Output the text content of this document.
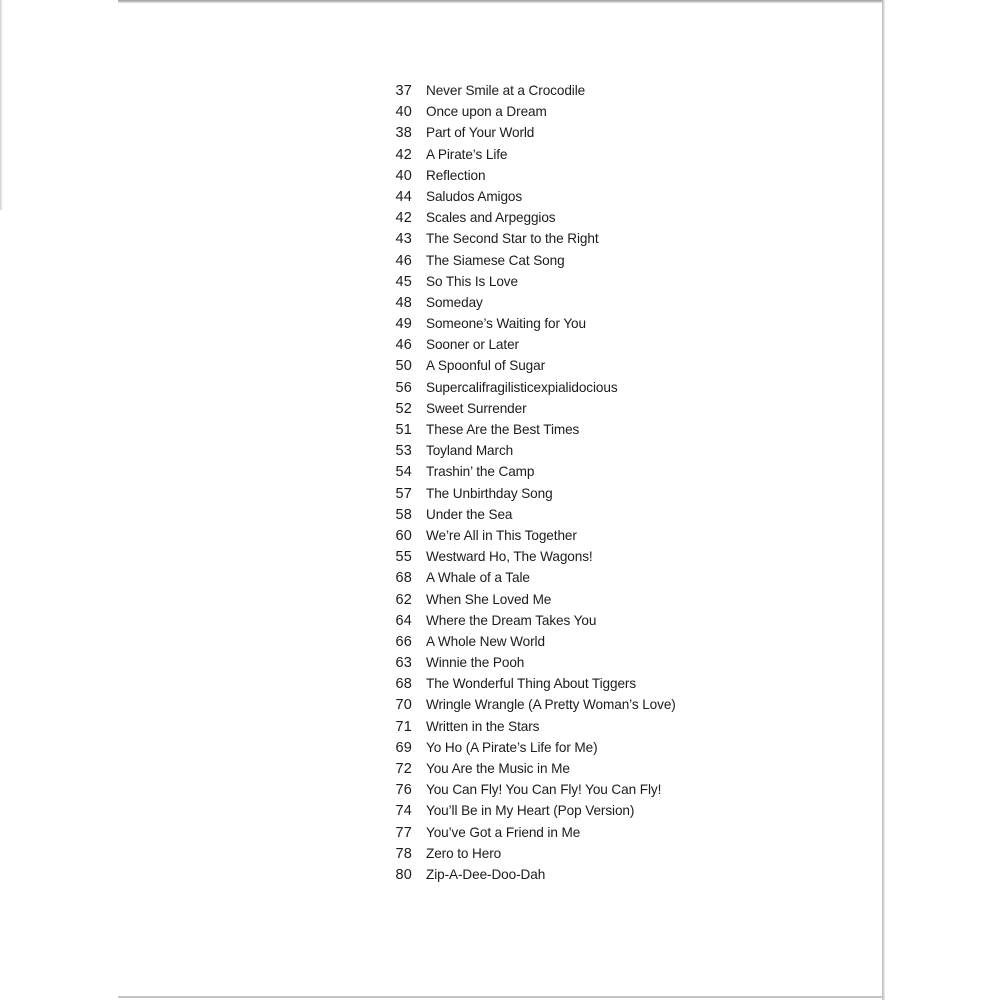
37 Never Smile at a Crocodile
40 Once upon a Dream
38 Part of Your World
42 A Pirate’s Life
40 Reflection
44 Saludos Amigos
42 Scales and Arpeggios
43 The Second Star to the Right
46 The Siamese Cat Song
45 So This Is Love
48 Someday
49 Someone’s Waiting for You
46 Sooner or Later
50 A Spoonful of Sugar
56 Supercalifragilisticexpialidocious
52 Sweet Surrender
51 These Are the Best Times
53 Toyland March
54 Trashin’ the Camp
57 The Unbirthday Song
58 Under the Sea
60 We’re All in This Together
55 Westward Ho, The Wagons!
68 A Whale of a Tale
62 When She Loved Me
64 Where the Dream Takes You
66 A Whole New World
63 Winnie the Pooh
68 The Wonderful Thing About Tiggers
70 Wringle Wrangle (A Pretty Woman’s Love)
71 Written in the Stars
69 Yo Ho (A Pirate’s Life for Me)
72 You Are the Music in Me
76 You Can Fly! You Can Fly! You Can Fly!
74 You’ll Be in My Heart (Pop Version)
77 You’ve Got a Friend in Me
78 Zero to Hero
80 Zip-A-Dee-Doo-Dah
